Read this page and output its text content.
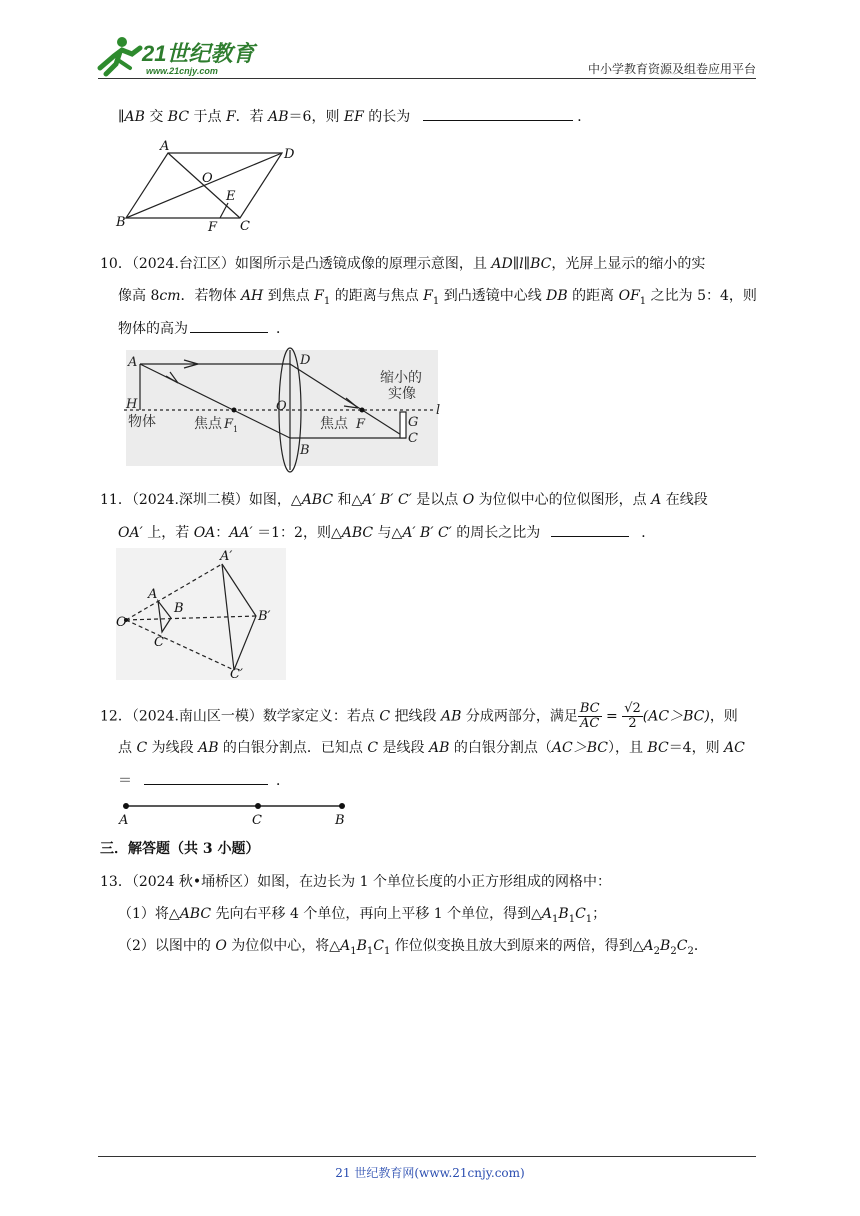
21世纪教育
www.21cnjy.com	中小学教育资源及组卷应用平台
∥AB 交 BC 于点 F．若 AB＝6，则 EF 的长为	．
A
D
O
E
B	F C
10．（2024.台江区）如图所示是凸透镜成像的原理示意图，且 AD∥l∥BC，光屏上显示的缩小的实
像高 8cm．若物体 AH 到焦点 $F_1$ 的距离与焦点 $F_1$ 到凸透镜中心线 DB 的距离 $OF_1$ 之比为 5：4，则
物体的高为	．
A	D
H	O	l
物体	焦点 F 1	焦点 F
B
G
C
缩小的
实像
11．（2024.深圳二模）如图，△ABC 和△A′ B′ C′ 是以点 O 为位似中心的位似图形，点 A 在线段
OA′ 上，若 OA：AA′ ＝1：2，则△ABC 与△A′ B′ C′ 的周长之比为	．
A′
A
B
O	B′
C
C′
12．（2024.南山区一模）数学家定义：若点 C 把线段 AB 分成两部分，满足 $\frac{BC}{AC} = \frac{√2}{2} (AC>BC)$，则
点 C 为线段 AB 的白银分割点．已知点 C 是线段 AB 的白银分割点（AC＞BC），且 BC＝4，则 AC
＝	．
A	C	B
三．解答题（共 3 小题）
13．（2024 秋•埇桥区）如图，在边长为 1 个单位长度的小正方形组成的网格中：
（1）将△ABC 先向右平移 4 个单位，再向上平移 1 个单位，得到$\triangle A_1B_1C_1$；
（2）以图中的 O 为位似中心，将$\triangle A_1B_1C_1$ 作位似变换且放大到原来的两倍，得到$\triangle A_2B_2C_2$．
21 世纪教育网(www.21cnjy.com)
